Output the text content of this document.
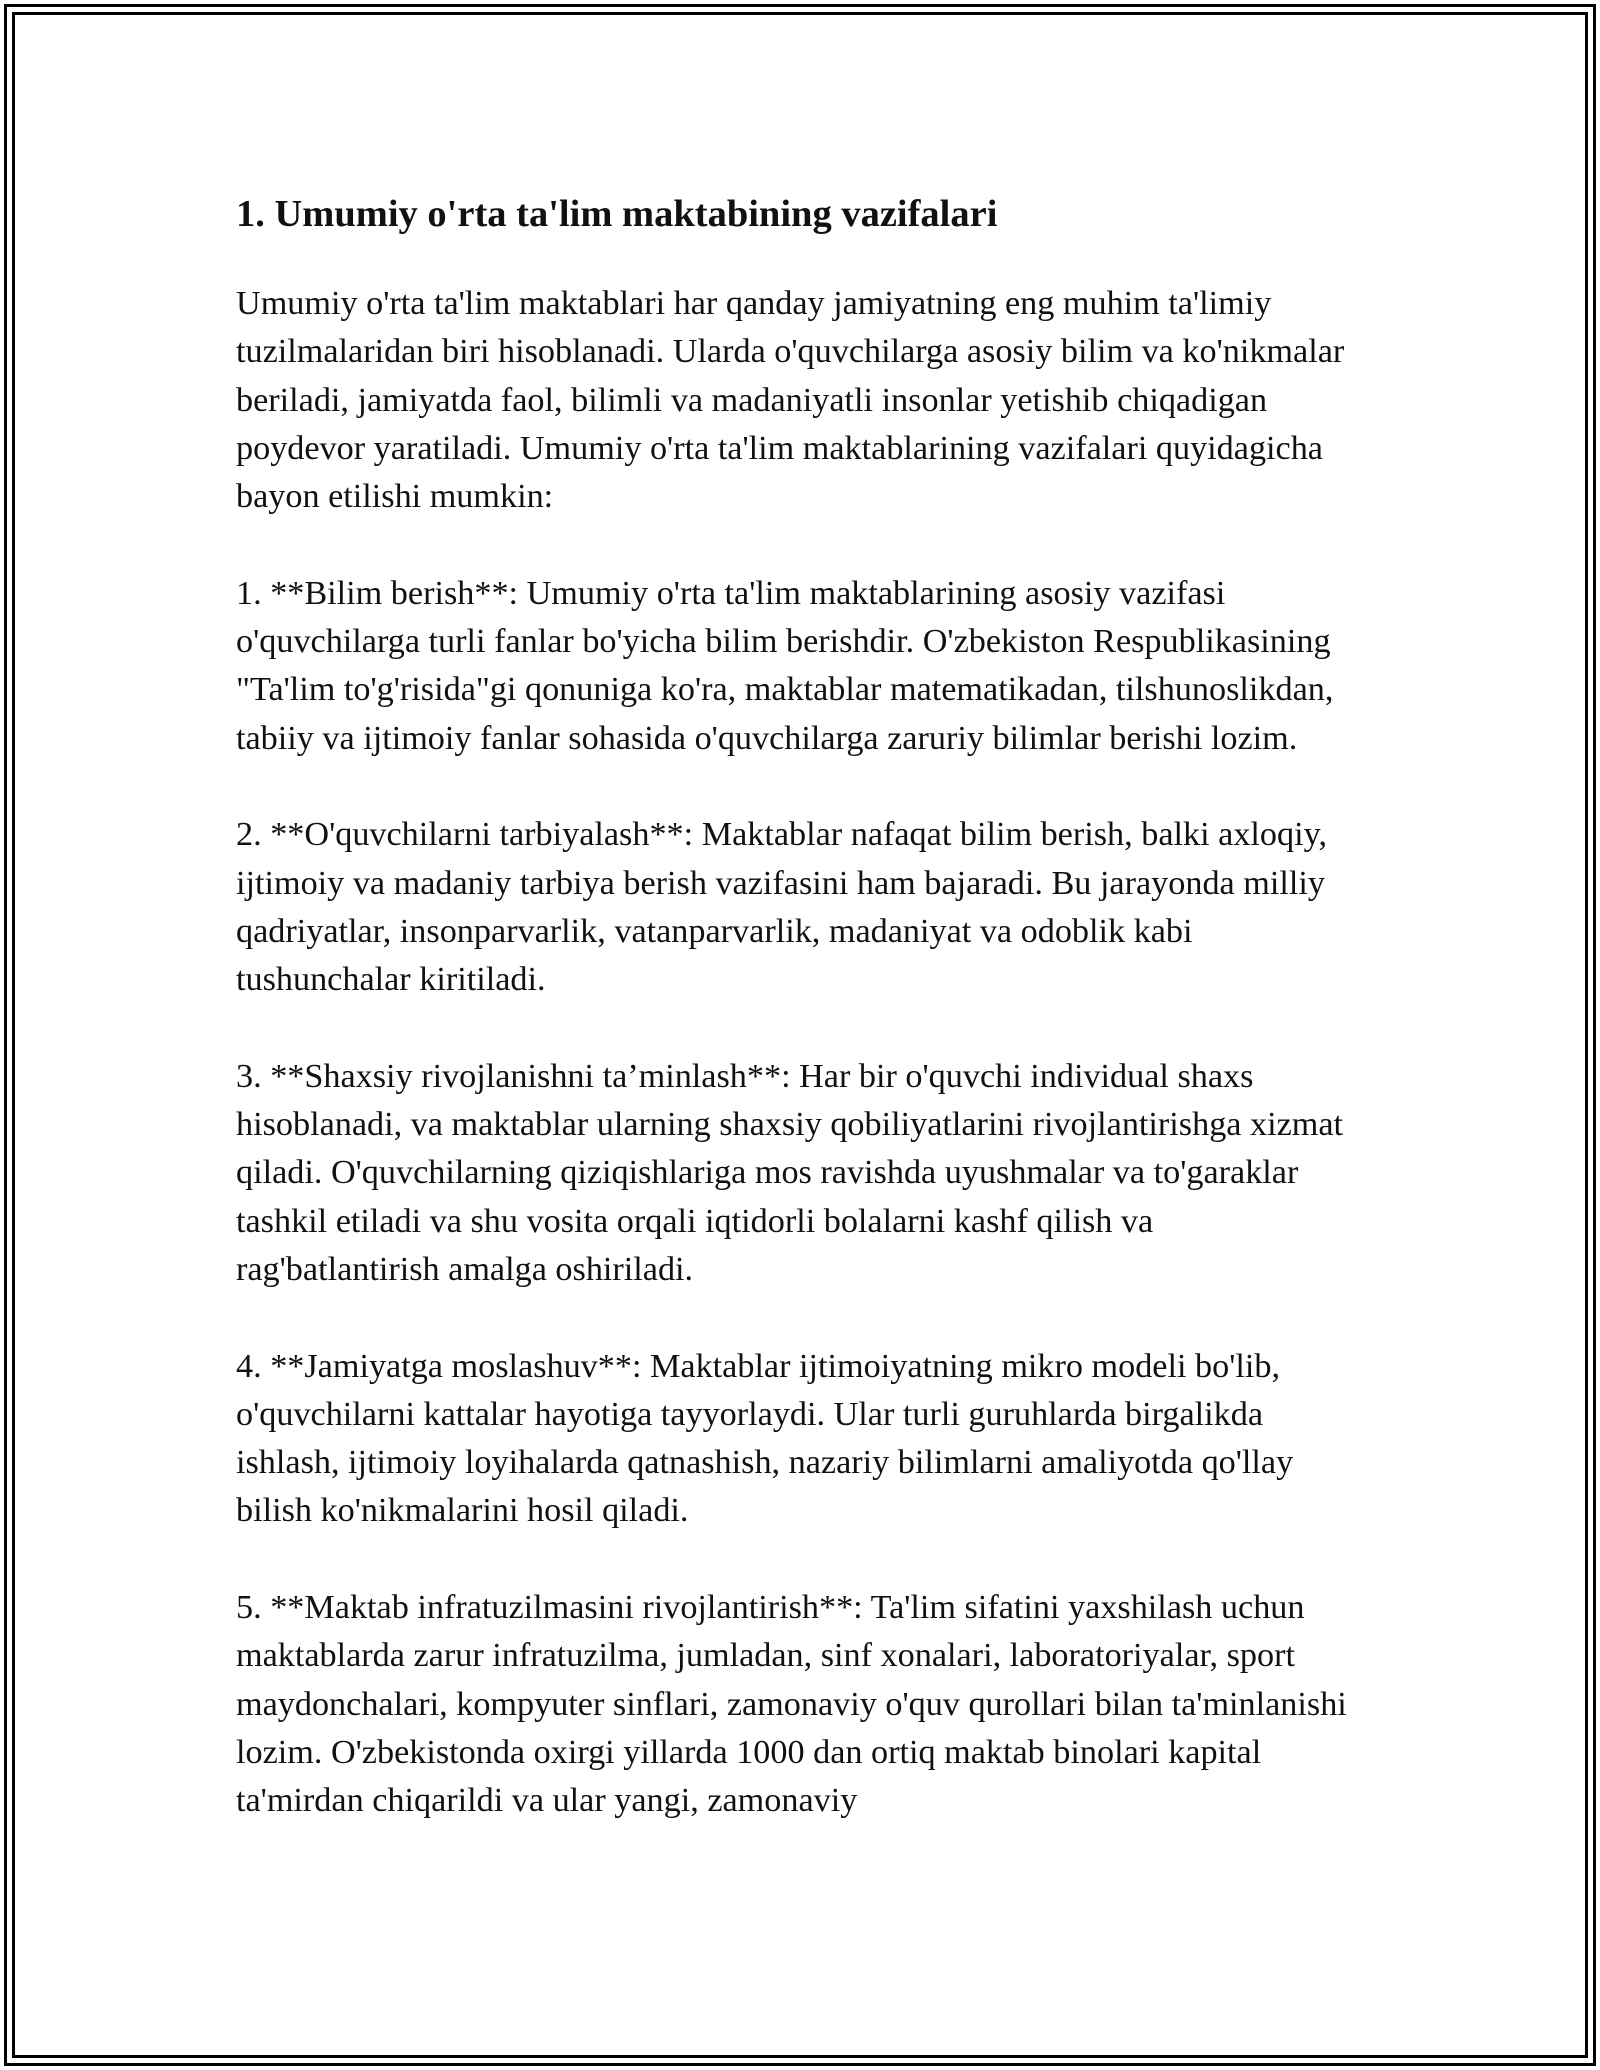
1. Umumiy o'rta ta'lim maktabining vazifalari

Umumiy o'rta ta'lim maktablari har qanday jamiyatning eng muhim ta'limiy tuzilmalaridan biri hisoblanadi. Ularda o'quvchilarga asosiy bilim va ko'nikmalar beriladi, jamiyatda faol, bilimli va madaniyatli insonlar yetishib chiqadigan poydevor yaratiladi. Umumiy o'rta ta'lim maktablarining vazifalari quyidagicha bayon etilishi mumkin:

1. **Bilim berish**: Umumiy o'rta ta'lim maktablarining asosiy vazifasi o'quvchilarga turli fanlar bo'yicha bilim berishdir. O'zbekiston Respublikasining "Ta'lim to'g'risida"gi qonuniga ko'ra, maktablar matematikadan, tilshunoslikdan, tabiiy va ijtimoiy fanlar sohasida o'quvchilarga zaruriy bilimlar berishi lozim.

2. **O'quvchilarni tarbiyalash**: Maktablar nafaqat bilim berish, balki axloqiy, ijtimoiy va madaniy tarbiya berish vazifasini ham bajaradi. Bu jarayonda milliy qadriyatlar, insonparvarlik, vatanparvarlik, madaniyat va odoblik kabi tushunchalar kiritiladi.

3. **Shaxsiy rivojlanishni ta’minlash**: Har bir o'quvchi individual shaxs hisoblanadi, va maktablar ularning shaxsiy qobiliyatlarini rivojlantirishga xizmat qiladi. O'quvchilarning qiziqishlariga mos ravishda uyushmalar va to'garaklar tashkil etiladi va shu vosita orqali iqtidorli bolalarni kashf qilish va rag'batlantirish amalga oshiriladi.

4. **Jamiyatga moslashuv**: Maktablar ijtimoiyatning mikro modeli bo'lib, o'quvchilarni kattalar hayotiga tayyorlaydi. Ular turli guruhlarda birgalikda ishlash, ijtimoiy loyihalarda qatnashish, nazariy bilimlarni amaliyotda qo'llay bilish ko'nikmalarini hosil qiladi.

5. **Maktab infratuzilmasini rivojlantirish**: Ta'lim sifatini yaxshilash uchun maktablarda zarur infratuzilma, jumladan, sinf xonalari, laboratoriyalar, sport maydonchalari, kompyuter sinflari, zamonaviy o'quv qurollari bilan ta'minlanishi lozim. O'zbekistonda oxirgi yillarda 1000 dan ortiq maktab binolari kapital ta'mirdan chiqarildi va ular yangi, zamonaviy
